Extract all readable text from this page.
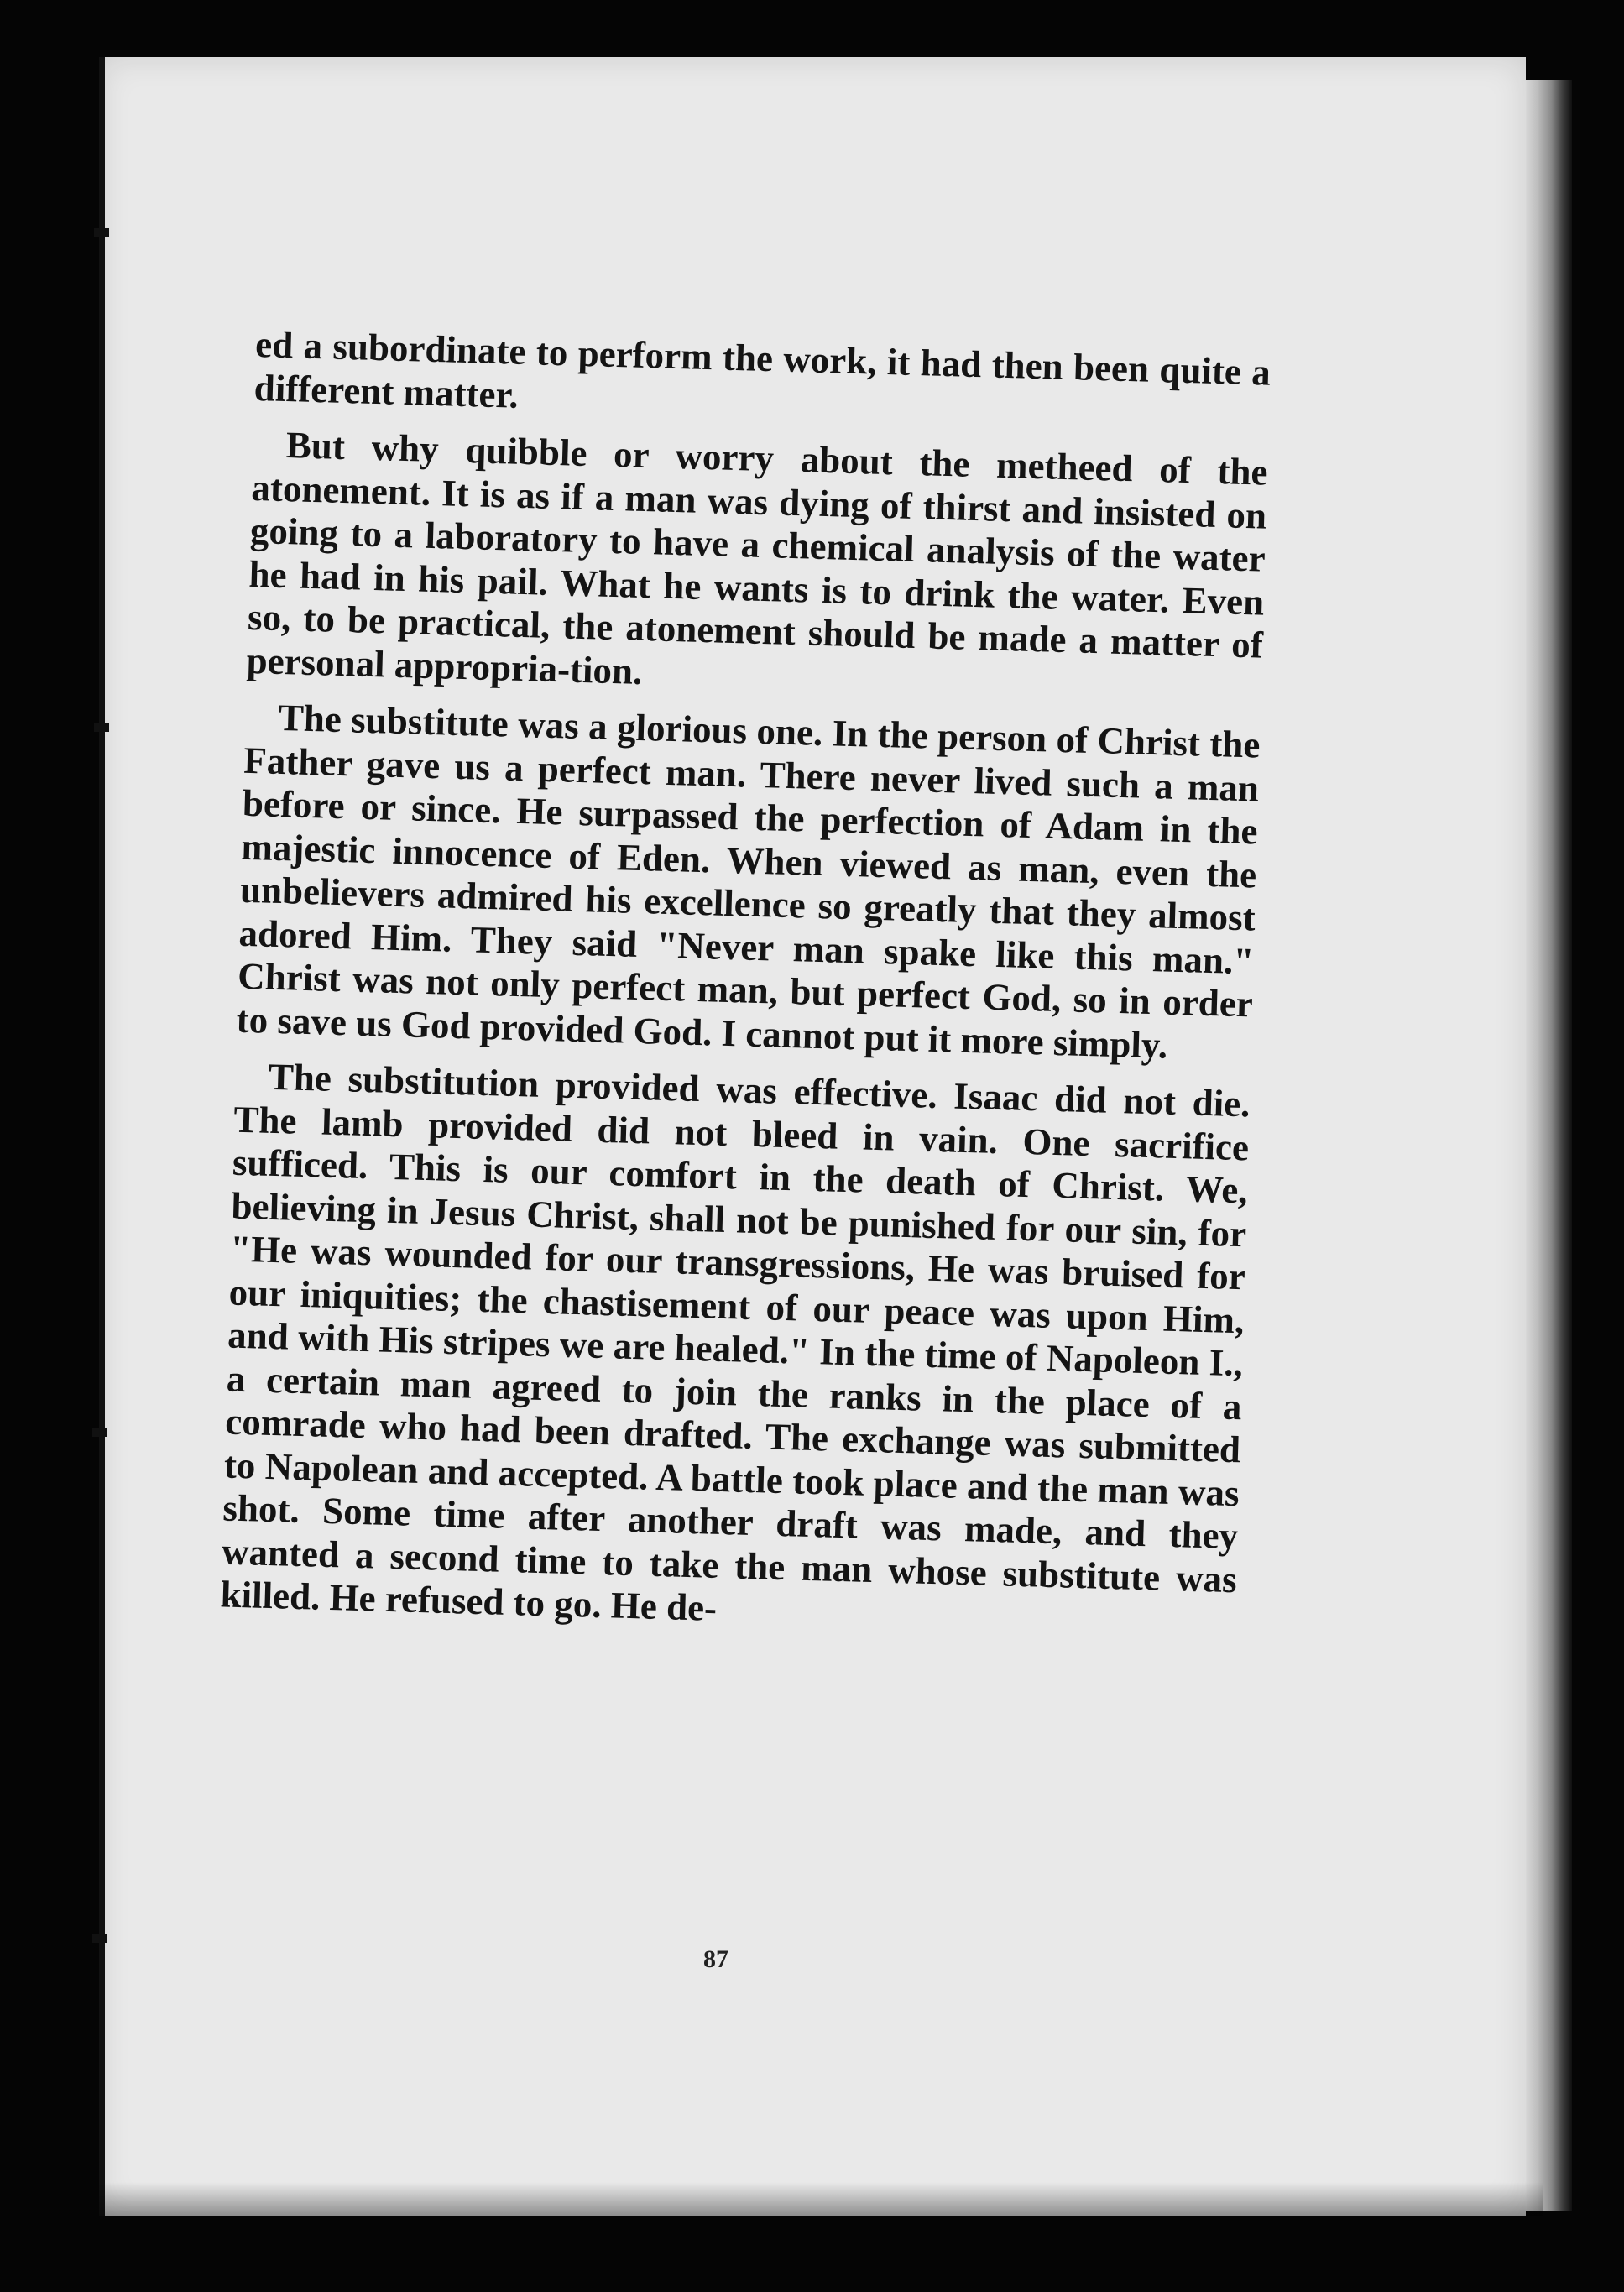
ed a subordinate to perform the work, it had then been quite a different matter.

But why quibble or worry about the metheed of the atonement. It is as if a man was dying of thirst and insisted on going to a laboratory to have a chemical analysis of the water he had in his pail. What he wants is to drink the water. Even so, to be practical, the atonement should be made a matter of personal appropria-tion.

The substitute was a glorious one. In the person of Christ the Father gave us a perfect man. There never lived such a man before or since. He surpassed the perfection of Adam in the majestic innocence of Eden. When viewed as man, even the unbelievers admired his excellence so greatly that they almost adored Him. They said "Never man spake like this man." Christ was not only perfect man, but perfect God, so in order to save us God provided God. I cannot put it more simply.

The substitution provided was effective. Isaac did not die. The lamb provided did not bleed in vain. One sacrifice sufficed. This is our comfort in the death of Christ. We, believing in Jesus Christ, shall not be punished for our sin, for "He was wounded for our transgressions, He was bruised for our iniquities; the chastisement of our peace was upon Him, and with His stripes we are healed." In the time of Napoleon I., a certain man agreed to join the ranks in the place of a comrade who had been drafted. The exchange was submitted to Napolean and accepted. A battle took place and the man was shot. Some time after another draft was made, and they wanted a second time to take the man whose substitute was killed. He refused to go. He de-

87
